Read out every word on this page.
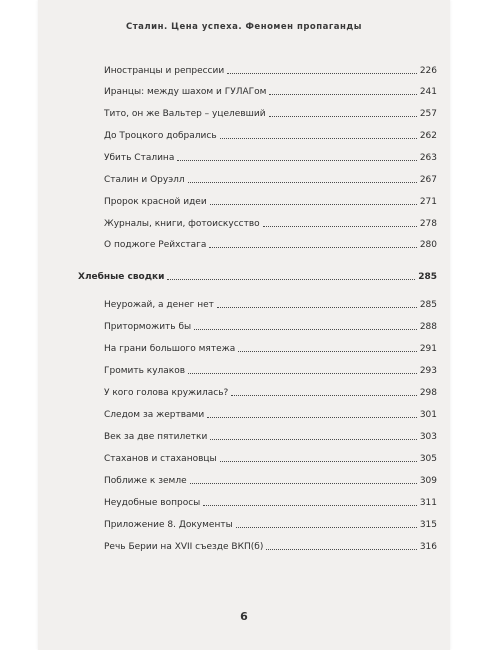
Сталин. Цена успеха. Феномен пропаганды
Иностранцы и репрессии	226
Иранцы: между шахом и ГУЛАГом	241
Тито, он же Вальтер – уцелевший	257
До Троцкого добрались	262
Убить Сталина	263
Сталин и Оруэлл	267
Пророк красной идеи	271
Журналы, книги, фотоискусство	278
О поджоге Рейхстага	280
Хлебные сводки	285
Неурожай, а денег нет	285
Приторможить бы	288
На грани большого мятежа	291
Громить кулаков	293
У кого голова кружилась?	298
Следом за жертвами	301
Век за две пятилетки	303
Стаханов и стахановцы	305
Поближе к земле	309
Неудобные вопросы	311
Приложение 8. Документы	315
Речь Берии на XVII съезде ВКП(б)	316
6
